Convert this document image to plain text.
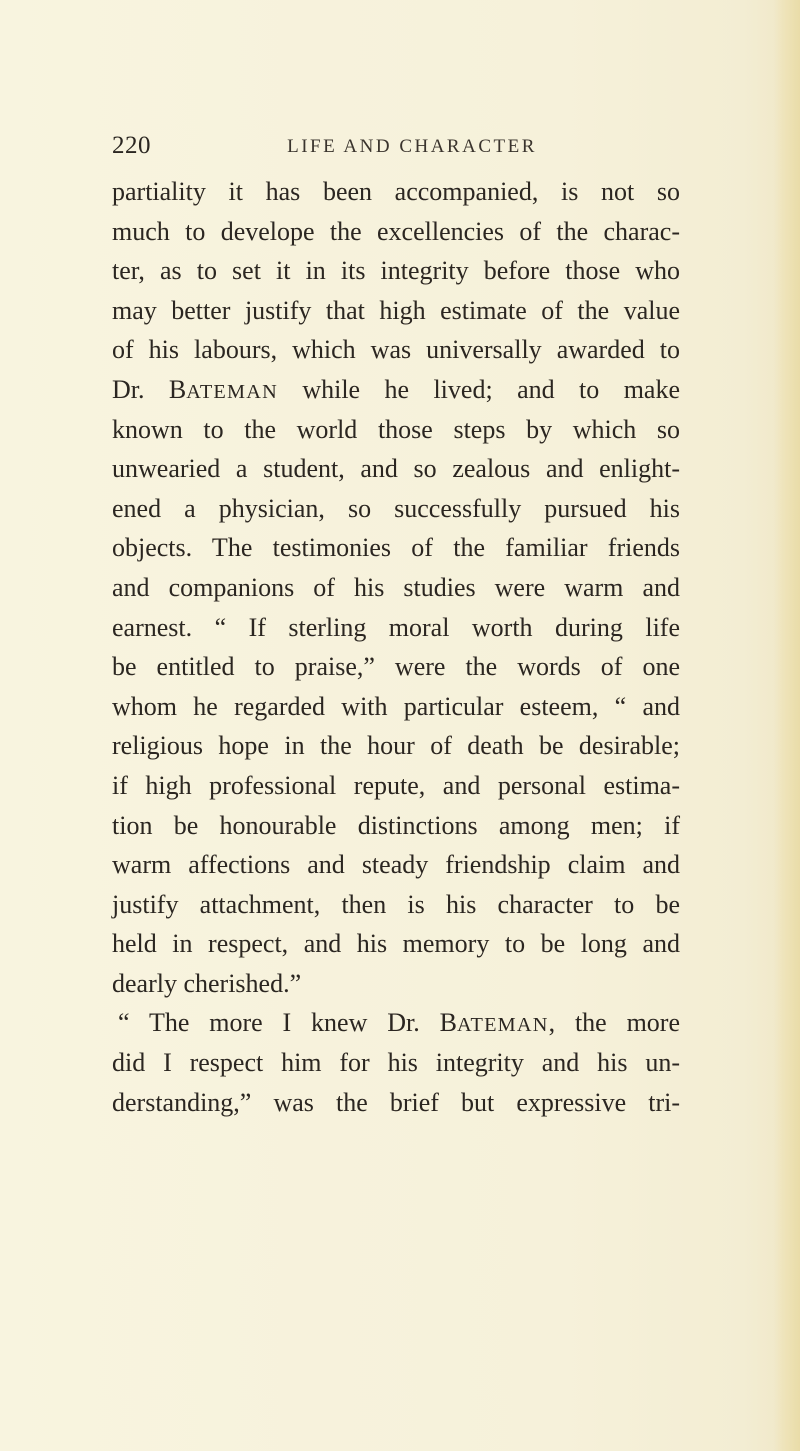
220	LIFE AND CHARACTER
partiality it has been accompanied, is not so
much to develope the excellencies of the charac-
ter, as to set it in its integrity before those who
may better justify that high estimate of the value
of his labours, which was universally awarded to
Dr. BATEMAN while he lived; and to make
known to the world those steps by which so
unwearied a student, and so zealous and enlight-
ened a physician, so successfully pursued his
objects. The testimonies of the familiar friends
and companions of his studies were warm and
earnest. “ If sterling moral worth during life
be entitled to praise,” were the words of one
whom he regarded with particular esteem, “ and
religious hope in the hour of death be desirable;
if high professional repute, and personal estima-
tion be honourable distinctions among men; if
warm affections and steady friendship claim and
justify attachment, then is his character to be
held in respect, and his memory to be long and
dearly cherished.”
“ The more I knew Dr. BATEMAN, the more
did I respect him for his integrity and his un-
derstanding,” was the brief but expressive tri-
